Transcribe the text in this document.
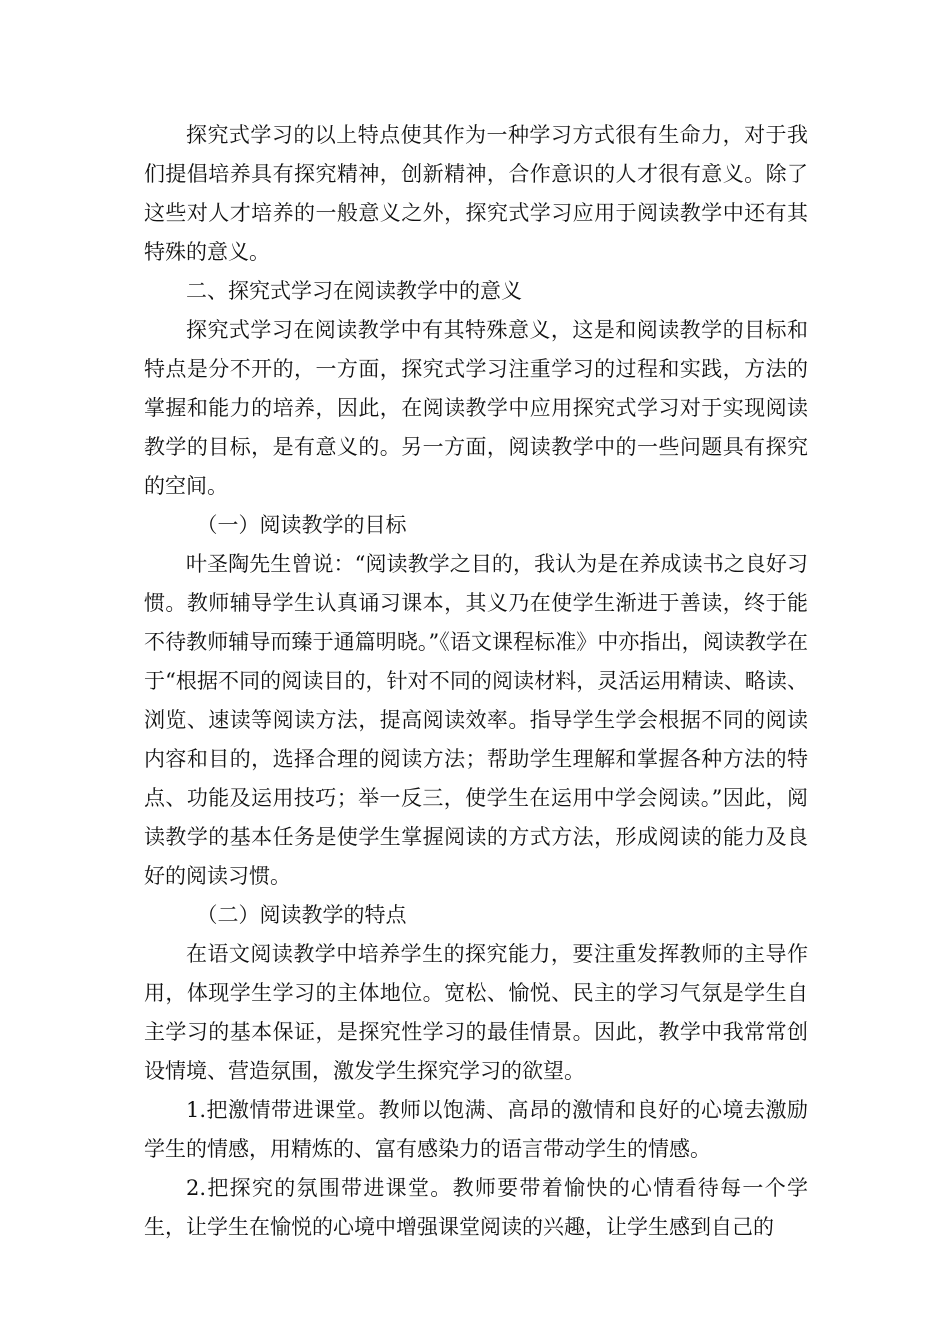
探究式学习的以上特点使其作为一种学习方式很有生命力，对于我们提倡培养具有探究精神，创新精神，合作意识的人才很有意义。除了这些对人才培养的一般意义之外，探究式学习应用于阅读教学中还有其特殊的意义。

二、探究式学习在阅读教学中的意义

探究式学习在阅读教学中有其特殊意义，这是和阅读教学的目标和特点是分不开的，一方面，探究式学习注重学习的过程和实践，方法的掌握和能力的培养，因此，在阅读教学中应用探究式学习对于实现阅读教学的目标，是有意义的。另一方面，阅读教学中的一些问题具有探究的空间。

（一）阅读教学的目标

叶圣陶先生曾说：“阅读教学之目的，我认为是在养成读书之良好习惯。教师辅导学生认真诵习课本，其义乃在使学生渐进于善读，终于能不待教师辅导而臻于通篇明晓。”《语文课程标准》中亦指出，阅读教学在于“根据不同的阅读目的，针对不同的阅读材料，灵活运用精读、略读、浏览、速读等阅读方法，提高阅读效率。指导学生学会根据不同的阅读内容和目的，选择合理的阅读方法；帮助学生理解和掌握各种方法的特点、功能及运用技巧；举一反三，使学生在运用中学会阅读。”因此，阅读教学的基本任务是使学生掌握阅读的方式方法，形成阅读的能力及良好的阅读习惯。

（二）阅读教学的特点

在语文阅读教学中培养学生的探究能力，要注重发挥教师的主导作用，体现学生学习的主体地位。宽松、愉悦、民主的学习气氛是学生自主学习的基本保证，是探究性学习的最佳情景。因此，教学中我常常创设情境、营造氛围，激发学生探究学习的欲望。

1.把激情带进课堂。教师以饱满、高昂的激情和良好的心境去激励学生的情感，用精炼的、富有感染力的语言带动学生的情感。

2.把探究的氛围带进课堂。教师要带着愉快的心情看待每一个学生，让学生在愉悦的心境中增强课堂阅读的兴趣，让学生感到自己的
